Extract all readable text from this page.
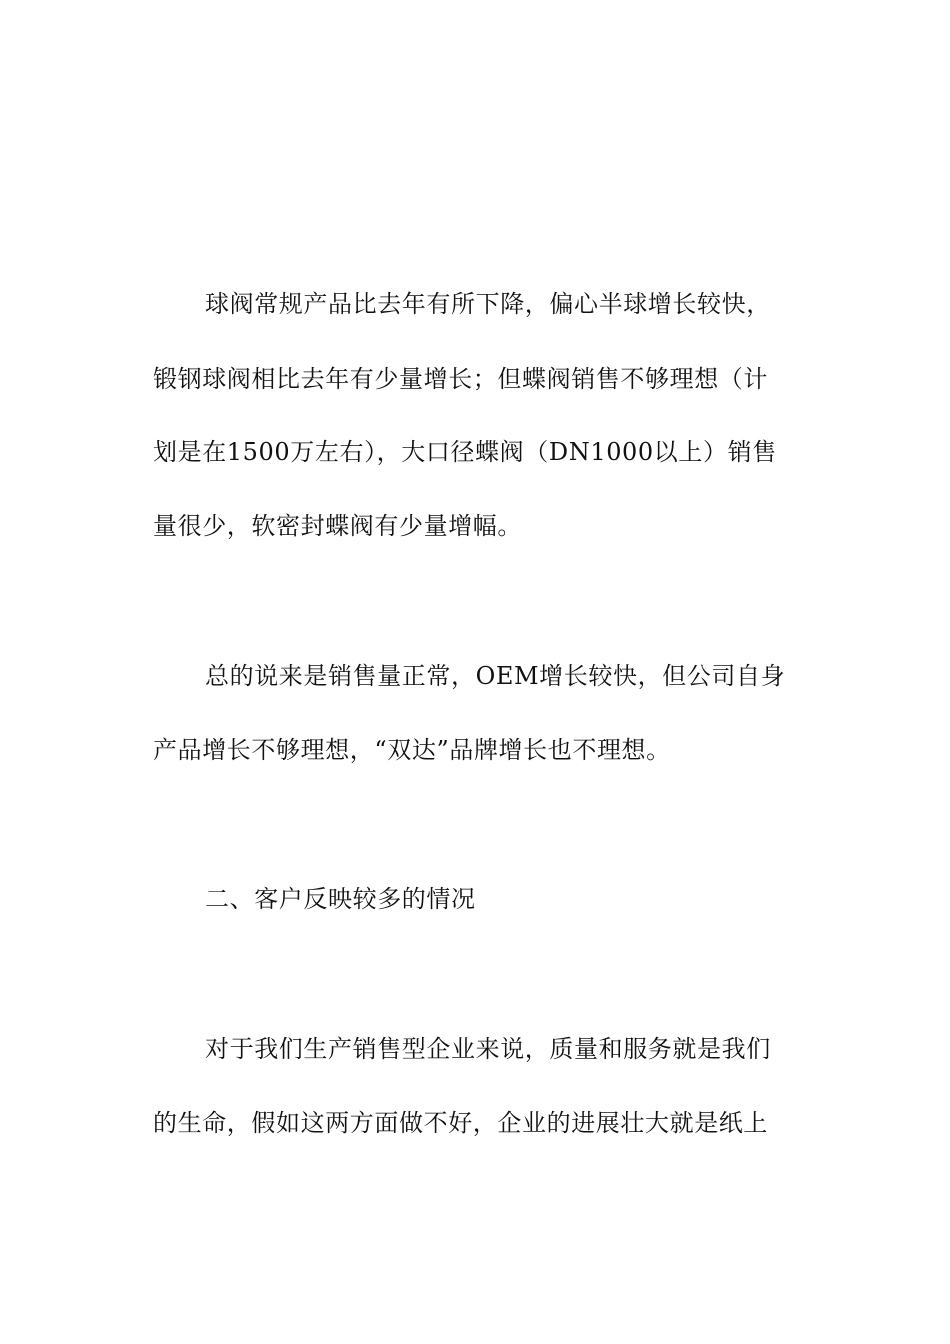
球阀常规产品比去年有所下降，偏心半球增长较快，
锻钢球阀相比去年有少量增长；但蝶阀销售不够理想（计
划是在1500万左右），大口径蝶阀（DN1000以上）销售
量很少，软密封蝶阀有少量增幅。
总的说来是销售量正常，OEM增长较快，但公司自身
产品增长不够理想，“双达”品牌增长也不理想。
二、客户反映较多的情况
对于我们生产销售型企业来说，质量和服务就是我们
的生命，假如这两方面做不好，企业的进展壮大就是纸上
